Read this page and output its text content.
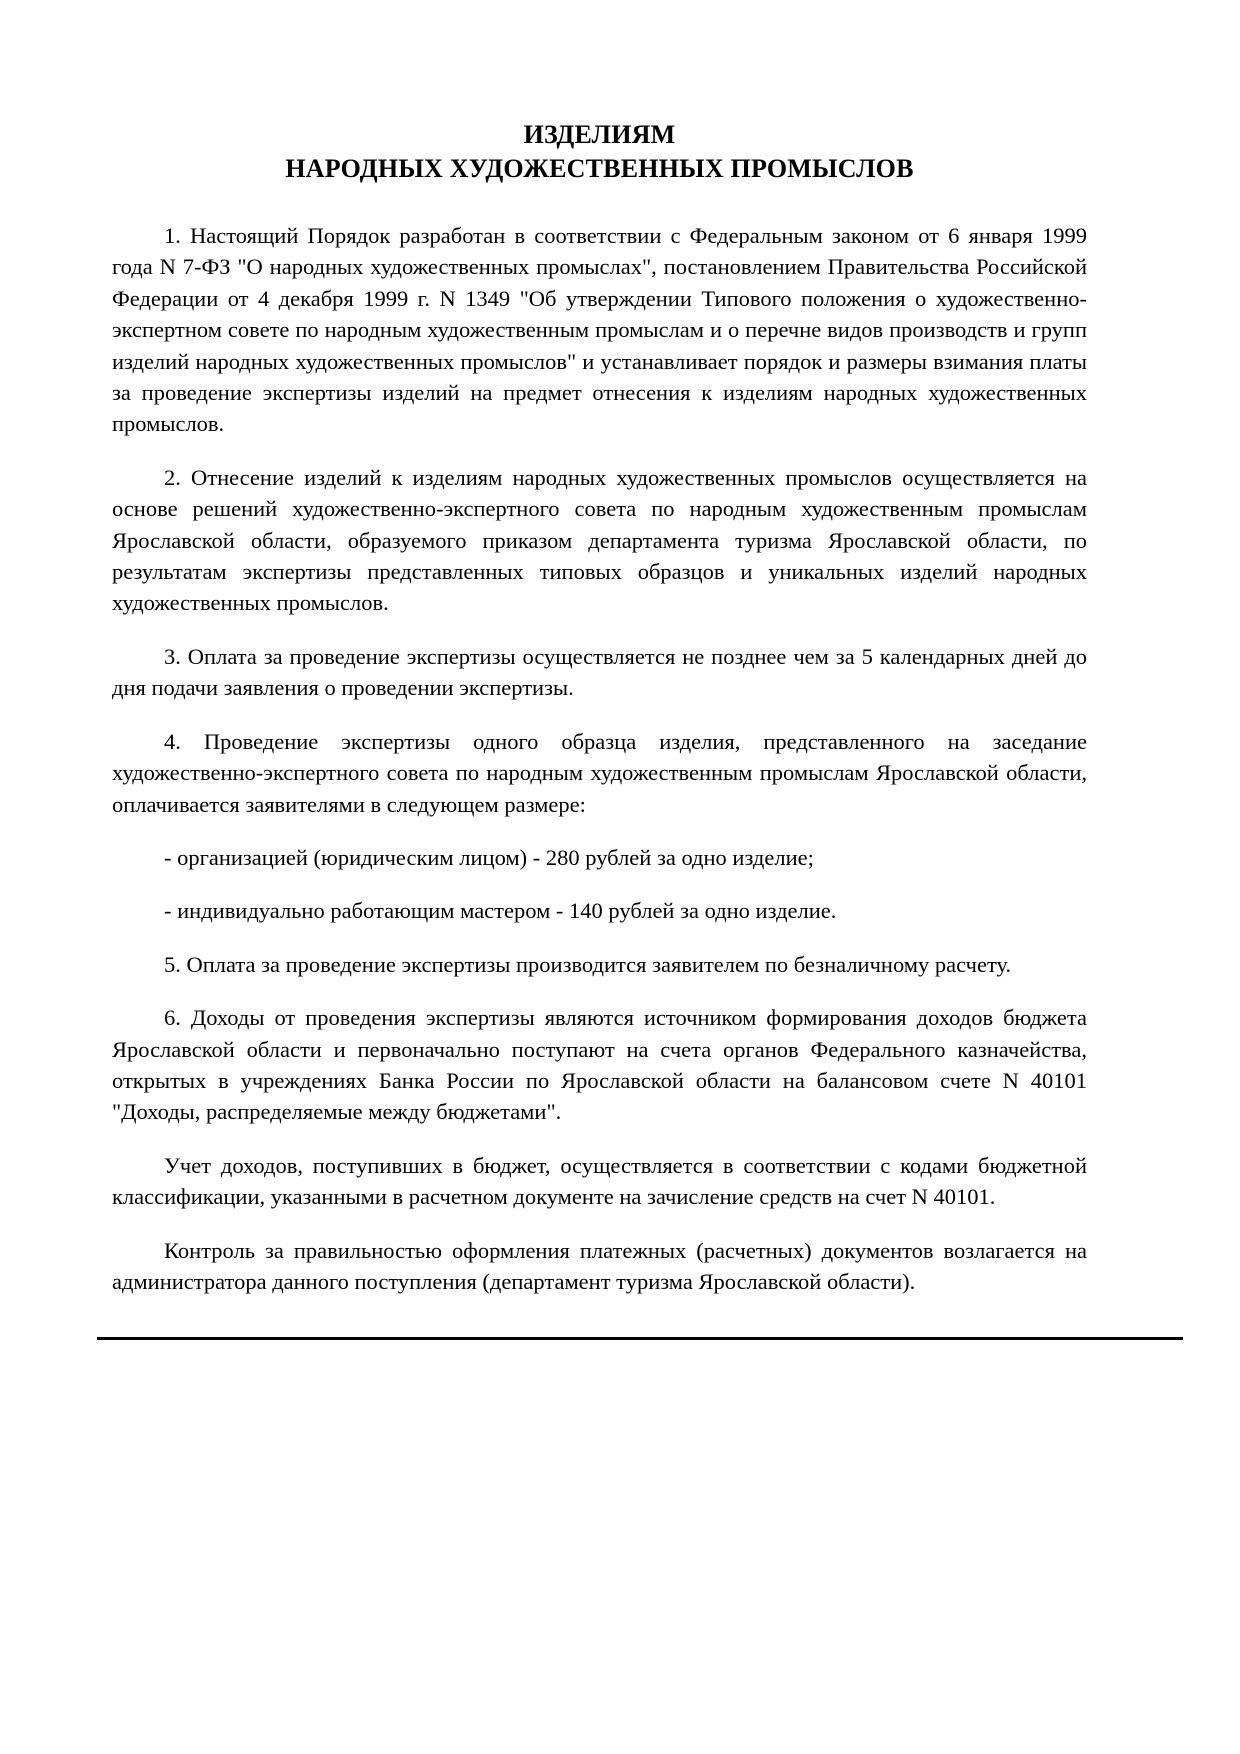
ИЗДЕЛИЯМ
НАРОДНЫХ ХУДОЖЕСТВЕННЫХ ПРОМЫСЛОВ

1. Настоящий Порядок разработан в соответствии с Федеральным законом от 6 января 1999 года N 7-ФЗ "О народных художественных промыслах", постановлением Правительства Российской Федерации от 4 декабря 1999 г. N 1349 "Об утверждении Типового положения о художественно-экспертном совете по народным художественным промыслам и о перечне видов производств и групп изделий народных художественных промыслов" и устанавливает порядок и размеры взимания платы за проведение экспертизы изделий на предмет отнесения к изделиям народных художественных промыслов.

2. Отнесение изделий к изделиям народных художественных промыслов осуществляется на основе решений художественно-экспертного совета по народным художественным промыслам Ярославской области, образуемого приказом департамента туризма Ярославской области, по результатам экспертизы представленных типовых образцов и уникальных изделий народных художественных промыслов.

3. Оплата за проведение экспертизы осуществляется не позднее чем за 5 календарных дней до дня подачи заявления о проведении экспертизы.

4. Проведение экспертизы одного образца изделия, представленного на заседание художественно-экспертного совета по народным художественным промыслам Ярославской области, оплачивается заявителями в следующем размере:

- организацией (юридическим лицом) - 280 рублей за одно изделие;

- индивидуально работающим мастером - 140 рублей за одно изделие.

5. Оплата за проведение экспертизы производится заявителем по безналичному расчету.

6. Доходы от проведения экспертизы являются источником формирования доходов бюджета Ярославской области и первоначально поступают на счета органов Федерального казначейства, открытых в учреждениях Банка России по Ярославской области на балансовом счете N 40101 "Доходы, распределяемые между бюджетами".

Учет доходов, поступивших в бюджет, осуществляется в соответствии с кодами бюджетной классификации, указанными в расчетном документе на зачисление средств на счет N 40101.

Контроль за правильностью оформления платежных (расчетных) документов возлагается на администратора данного поступления (департамент туризма Ярославской области).
